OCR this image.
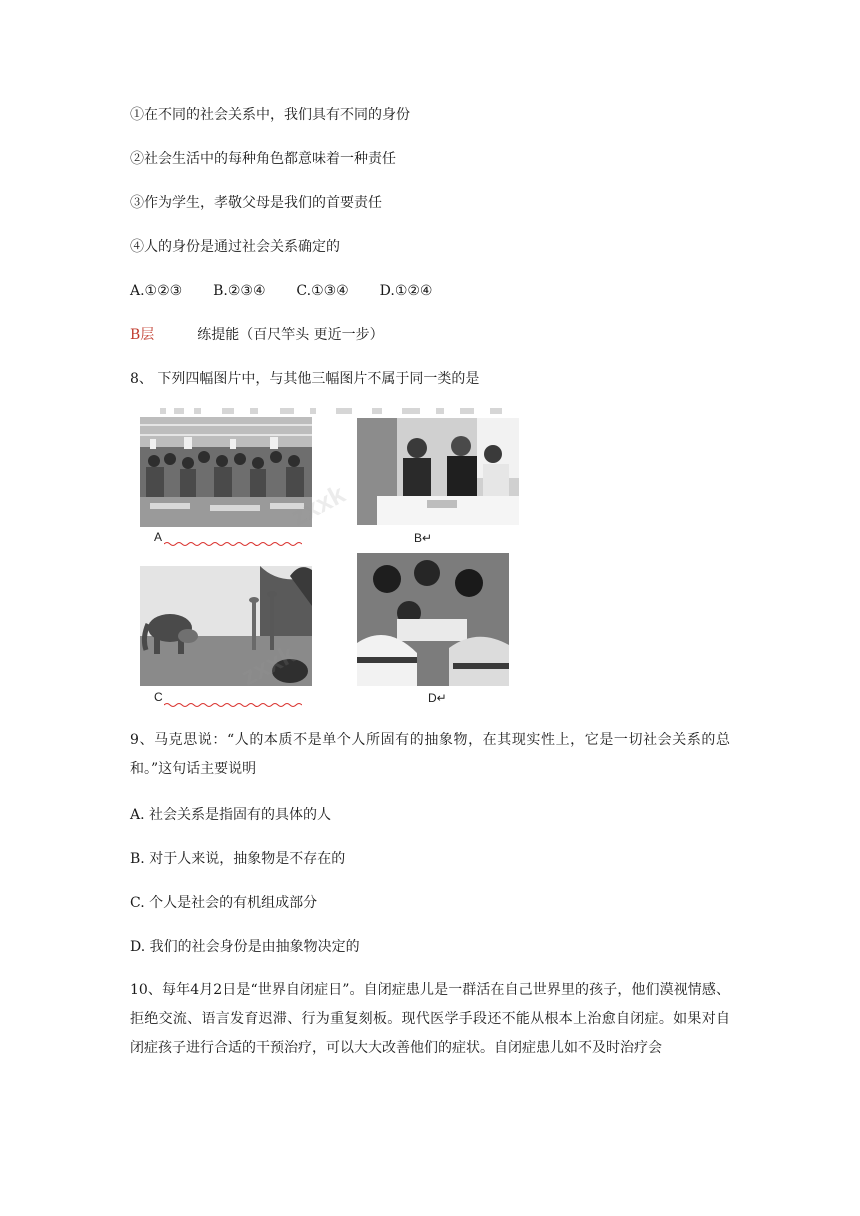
①在不同的社会关系中，我们具有不同的身份
②社会生活中的每种角色都意味着一种责任
③作为学生，孝敬父母是我们的首要责任
④人的身份是通过社会关系确定的
A.①②③ B.②③④ C.①③④ D.①②④
B层	练提能（百尺竿头 更近一步）
8、 下列四幅图片中，与其他三幅图片不属于同一类的是
A	B↵
C	D↵
zxxk
9、马克思说：“人的本质不是单个人所固有的抽象物，在其现实性上，它是一切社会关系的总和。”这句话主要说明
A. 社会关系是指固有的具体的人
B. 对于人来说，抽象物是不存在的
C. 个人是社会的有机组成部分
D. 我们的社会身份是由抽象物决定的
10、每年4月2日是“世界自闭症日”。自闭症患儿是一群活在自己世界里的孩子，他们漠视情感、拒绝交流、语言发育迟滞、行为重复刻板。现代医学手段还不能从根本上治愈自闭症。如果对自闭症孩子进行合适的干预治疗，可以大大改善他们的症状。自闭症患儿如不及时治疗会
